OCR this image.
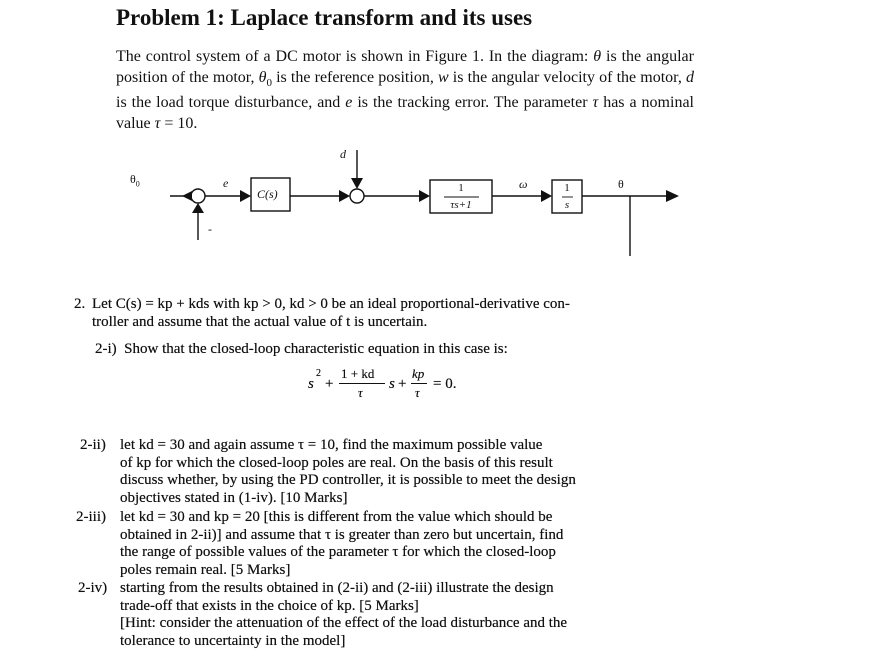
Problem 1: Laplace transform and its uses
The control system of a DC motor is shown in Figure 1. In the diagram: θ is the angular position of the motor, $\theta_0$ is the reference position, w is the angular velocity of the motor, d is the load torque disturbance, and e is the tracking error. The parameter τ has a nominal value τ = 10.
$\theta_0$	e
-
d
C(s)	1
τs+1
ω	1
s
θ
2. Let C(s) = kp + kds with kp > 0, kd > 0 be an ideal proportional-derivative con-
troller and assume that the actual value of t is uncertain.
2-i) Show that the closed-loop characteristic equation in this case is:
s
2
+
1 + kd
τ
s +
kp
τ
= 0.
2-ii) let kd = 30 and again assume τ = 10, find the maximum possible value
of kp for which the closed-loop poles are real. On the basis of this result
discuss whether, by using the PD controller, it is possible to meet the design
objectives stated in (1-iv). [10 Marks]
2-iii) let kd = 30 and kp = 20 [this is different from the value which should be
obtained in 2-ii)] and assume that τ is greater than zero but uncertain, find
the range of possible values of the parameter τ for which the closed-loop
poles remain real. [5 Marks]
2-iv) starting from the results obtained in (2-ii) and (2-iii) illustrate the design
trade-off that exists in the choice of kp. [5 Marks]
[Hint: consider the attenuation of the effect of the load disturbance and the
tolerance to uncertainty in the model]
